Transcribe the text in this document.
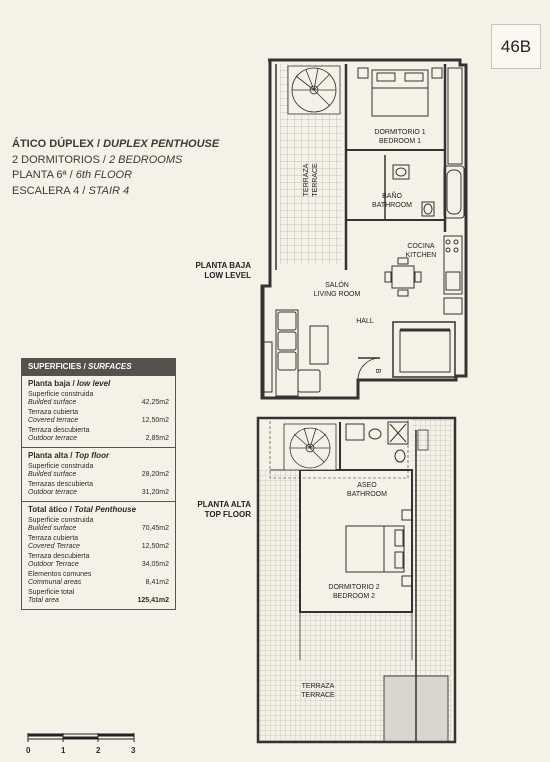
46B
ÁTICO DÚPLEX / DUPLEX PENTHOUSE
2 DORMITORIOS / 2 BEDROOMS
PLANTA 6ª / 6th FLOOR
ESCALERA 4 / STAIR 4
PLANTA BAJA
LOW LEVEL
PLANTA ALTA
TOP FLOOR
DORMITORIO 1
BEDROOM 1
BAÑO
BATHROOM
COCINA
KITCHEN
SALÓN
LIVING ROOM
HALL
B
TERRAZA TERRACE
ASEO
BATHROOM
DORMITORIO 2
BEDROOM 2
TERRAZA
TERRACE
SUPERFICIES / SURFACES
Planta baja / low level
Superficie construida
Builded surface	42,25m2
Terraza cubierta
Covered terrace	12,50m2
Terraza descubierta
Outdoor terrace	2,85m2
Planta alta / Top floor
Superficie construida
Builded surface	28,20m2
Terrazas descubierta
Outdoor terrace	31,20m2
Total ático / Total Penthouse
Superficie construida
Builded surface	70,45m2
Terraza cubierta
Covered Terrace	12,50m2
Terraza descubierta
Outdoor Terrace	34,05m2
Elementos comunes
Communal areas	8,41m2
Superficie total
Total area	125,41m2
0	1	2	3
